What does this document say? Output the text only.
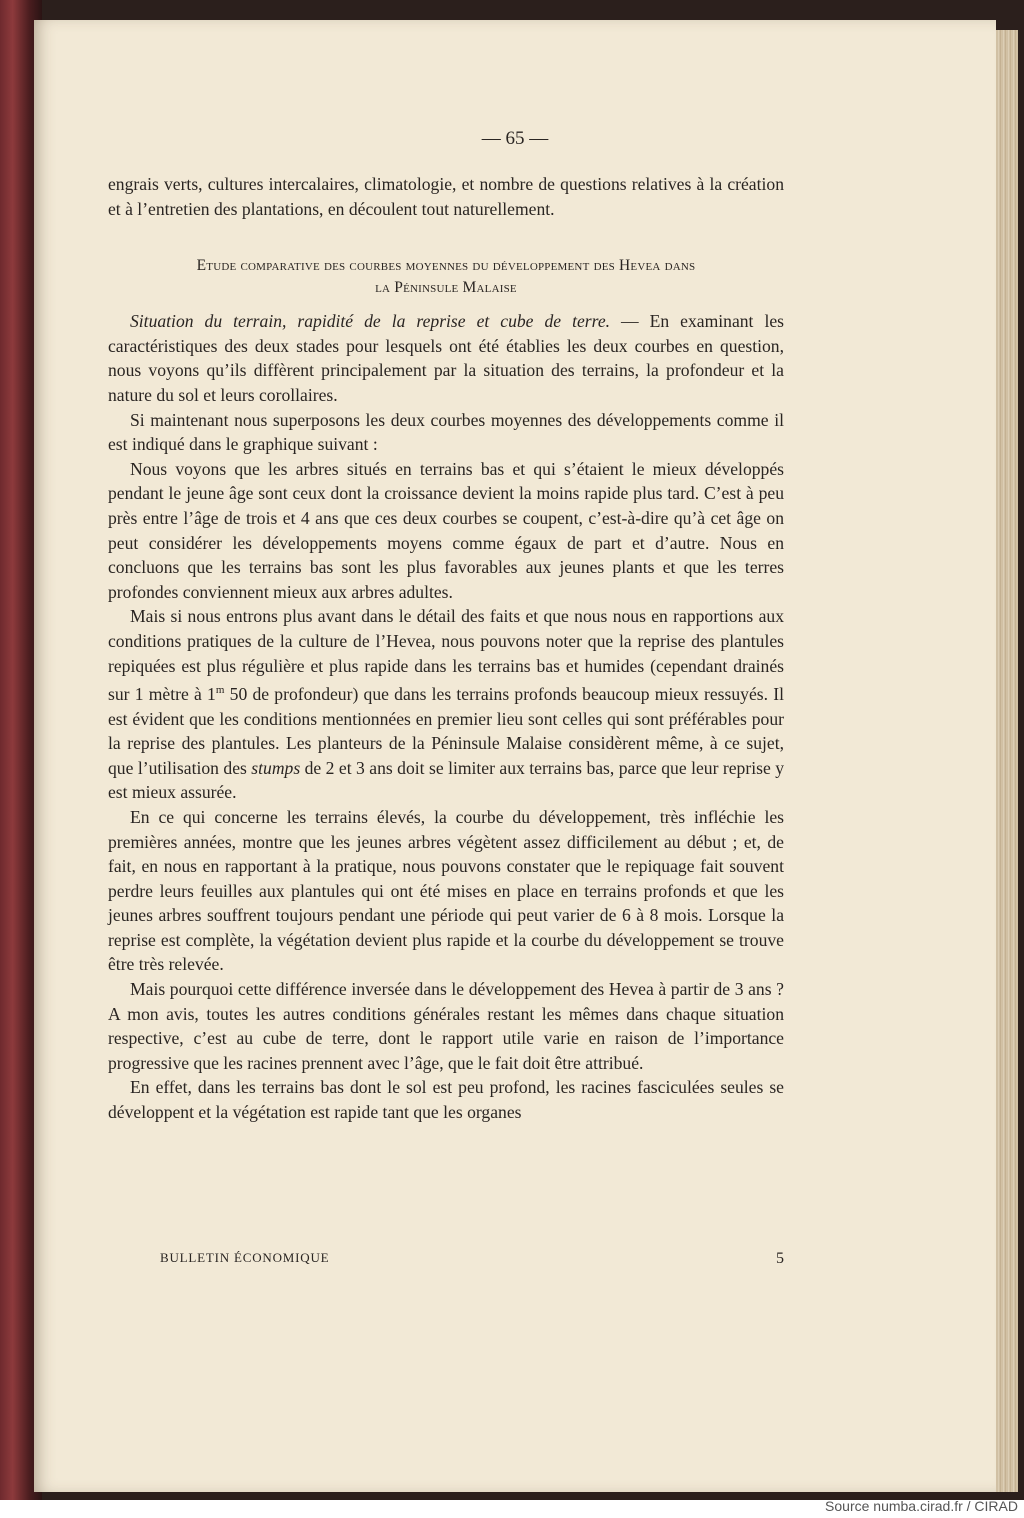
— 65 —

engrais verts, cultures intercalaires, climatologie, et nombre de questions relatives à la création et à l’entretien des plantations, en découlent tout naturellement.

Etude comparative des courbes moyennes du développement des Hevea dans
la Péninsule Malaise

Situation du terrain, rapidité de la reprise et cube de terre. — En examinant les caractéristiques des deux stades pour lesquels ont été établies les deux courbes en question, nous voyons qu’ils diffèrent principalement par la situation des terrains, la profondeur et la nature du sol et leurs corollaires.

Si maintenant nous superposons les deux courbes moyennes des développements comme il est indiqué dans le graphique suivant :

Nous voyons que les arbres situés en terrains bas et qui s’étaient le mieux développés pendant le jeune âge sont ceux dont la croissance devient la moins rapide plus tard. C’est à peu près entre l’âge de trois et 4 ans que ces deux courbes se coupent, c’est-à-dire qu’à cet âge on peut considérer les développements moyens comme égaux de part et d’autre. Nous en concluons que les terrains bas sont les plus favorables aux jeunes plants et que les terres profondes conviennent mieux aux arbres adultes.

Mais si nous entrons plus avant dans le détail des faits et que nous nous en rapportions aux conditions pratiques de la culture de l’Hevea, nous pouvons noter que la reprise des plantules repiquées est plus régulière et plus rapide dans les terrains bas et humides (cependant drainés sur 1 mètre à 1$^m$ 50 de profondeur) que dans les terrains profonds beaucoup mieux ressuyés. Il est évident que les conditions mentionnées en premier lieu sont celles qui sont préférables pour la reprise des plantules. Les planteurs de la Péninsule Malaise considèrent même, à ce sujet, que l’utilisation des stumps de 2 et 3 ans doit se limiter aux terrains bas, parce que leur reprise y est mieux assurée.

En ce qui concerne les terrains élevés, la courbe du développement, très infléchie les premières années, montre que les jeunes arbres végètent assez difficilement au début ; et, de fait, en nous en rapportant à la pratique, nous pouvons constater que le repiquage fait souvent perdre leurs feuilles aux plantules qui ont été mises en place en terrains profonds et que les jeunes arbres souffrent toujours pendant une période qui peut varier de 6 à 8 mois. Lorsque la reprise est complète, la végétation devient plus rapide et la courbe du développement se trouve être très relevée.

Mais pourquoi cette différence inversée dans le développement des Hevea à partir de 3 ans ? A mon avis, toutes les autres conditions générales restant les mêmes dans chaque situation respective, c’est au cube de terre, dont le rapport utile varie en raison de l’importance progressive que les racines prennent avec l’âge, que le fait doit être attribué.

En effet, dans les terrains bas dont le sol est peu profond, les racines fasciculées seules se développent et la végétation est rapide tant que les organes

BULLETIN ÉCONOMIQUE	5
Source numba.cirad.fr / CIRAD
